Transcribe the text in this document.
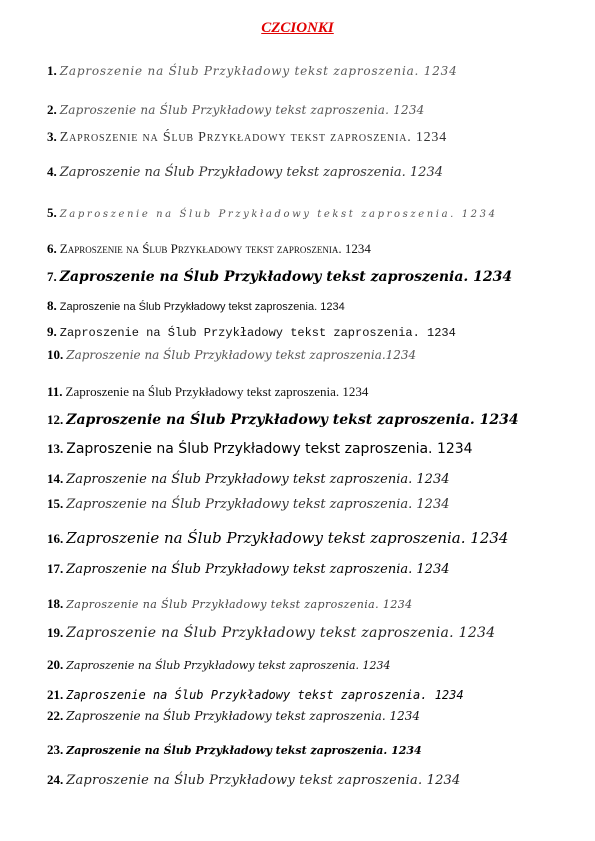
CZCIONKI
1. Zaproszenie na Ślub Przykładowy tekst zaproszenia. 1234
2. Zaproszenie na Ślub Przykładowy tekst zaproszenia. 1234
3. Zaproszenie na Ślub Przykładowy tekst zaproszenia. 1234
4. Zaproszenie na Ślub Przykładowy tekst zaproszenia. 1234
5. Zaproszenie na Ślub Przykładowy tekst zaproszenia. 1234
6. Zaproszenie na Ślub Przykładowy tekst zaproszenia. 1234
7. Zaproszenie na Ślub Przykładowy tekst zaproszenia. 1234
8. Zaproszenie na Ślub Przykładowy tekst zaproszenia. 1234
9. Zaproszenie na Ślub Przykładowy tekst zaproszenia. 1234
10. Zaproszenie na Ślub Przykładowy tekst zaproszenia.1234
11. Zaproszenie na Ślub Przykładowy tekst zaproszenia. 1234
12. Zaproszenie na Ślub Przykładowy tekst zaproszenia. 1234
13. Zaproszenie na Ślub Przykładowy tekst zaproszenia. 1234
14. Zaproszenie na Ślub Przykładowy tekst zaproszenia. 1234
15. Zaproszenie na Ślub Przykładowy tekst zaproszenia. 1234
16. Zaproszenie na Ślub Przykładowy tekst zaproszenia. 1234
17. Zaproszenie na Ślub Przykładowy tekst zaproszenia. 1234
18. Zaproszenie na Ślub Przykładowy tekst zaproszenia. 1234
19. Zaproszenie na Ślub Przykładowy tekst zaproszenia. 1234
20. Zaproszenie na Ślub Przykładowy tekst zaproszenia. 1234
21. Zaproszenie na Ślub Przykładowy tekst zaproszenia. 1234
22. Zaproszenie na Ślub Przykładowy tekst zaproszenia. 1234
23. Zaproszenie na Ślub Przykładowy tekst zaproszenia. 1234
24. Zaproszenie na Ślub Przykładowy tekst zaproszenia. 1234
